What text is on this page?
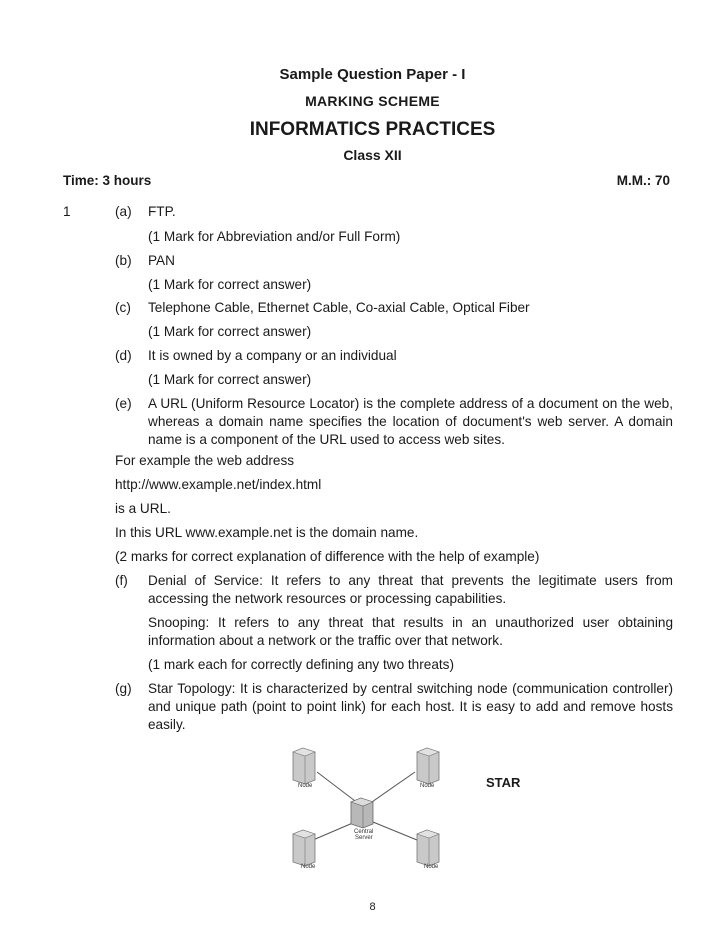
Sample Question Paper - I
MARKING SCHEME
INFORMATICS PRACTICES
Class XII
Time: 3 hours	M.M.: 70
1	(a) FTP.
(1 Mark for Abbreviation and/or Full Form)
(b) PAN
(1 Mark for correct answer)
(c) Telephone Cable, Ethernet Cable, Co-axial Cable, Optical Fiber
(1 Mark for correct answer)
(d) It is owned by a company or an individual
(1 Mark for correct answer)
(e) A URL (Uniform Resource Locator) is the complete address of a document on the web, whereas a domain name specifies the location of document's web server. A domain name is a component of the URL used to access web sites.
For example the web address
http://www.example.net/index.html
is a URL.
In this URL www.example.net is the domain name.
(2 marks for correct explanation of difference with the help of example)
(f) Denial of Service: It refers to any threat that prevents the legitimate users from accessing the network resources or processing capabilities.
Snooping: It refers to any threat that results in an unauthorized user obtaining information about a network or the traffic over that network.
(1 mark each for correctly defining any two threats)
(g) Star Topology: It is characterized by central switching node (communication controller) and unique path (point to point link) for each host. It is easy to add and remove hosts easily.
Node	Node
Central
Server
Node	Node
STAR
8
